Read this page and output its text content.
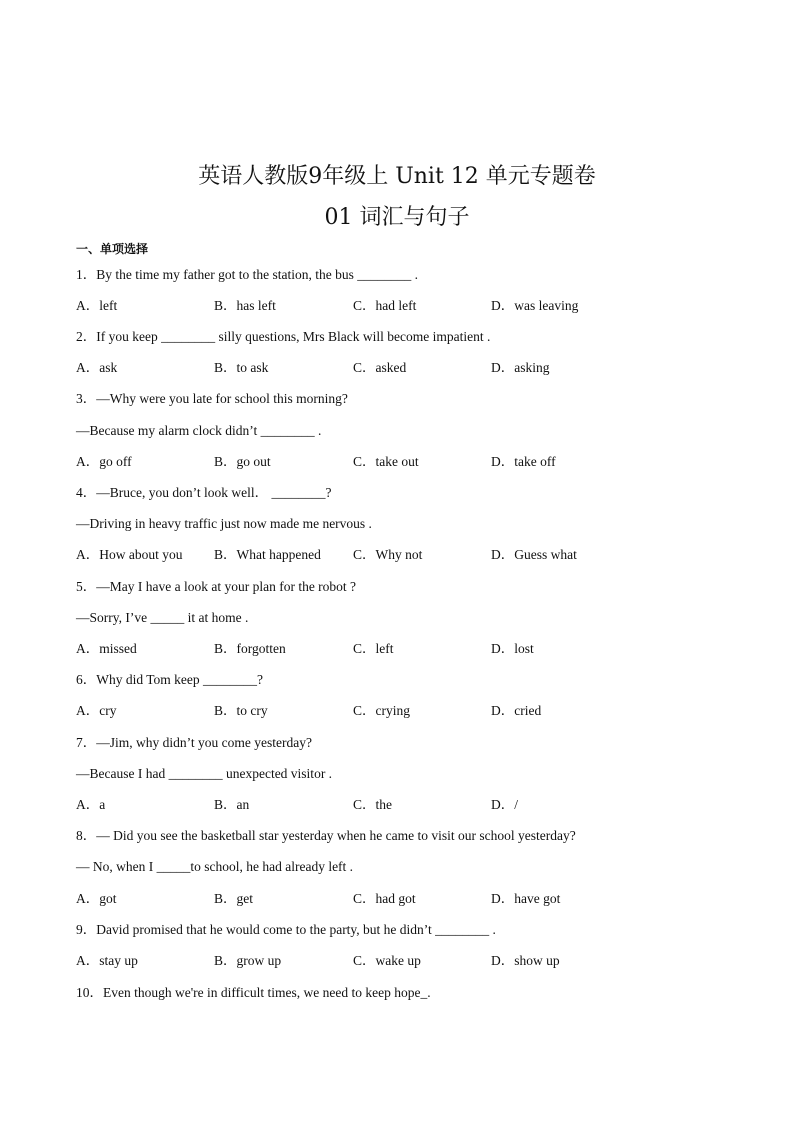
英语人教版9年级上 Unit 12 单元专题卷
01 词汇与句子
一、单项选择
1．By the time my father got to the station, the bus ________ .
A．left	B．has left	C．had left	D．was leaving
2．If you keep ________ silly questions, Mrs Black will become impatient .
A．ask	B．to ask	C．asked	D．asking
3．—Why were you late for school this morning?
—Because my alarm clock didn’t ________ .
A．go off	B．go out	C．take out	D．take off
4．—Bruce, you don’t look well． ________?
—Driving in heavy traffic just now made me nervous .
A．How about you B．What happened C．Why not	D．Guess what
5．—May I have a look at your plan for the robot ?
—Sorry, I’ve _____ it at home .
A．missed	B．forgotten	C．left	D．lost
6．Why did Tom keep ________?
A．cry	B．to cry	C．crying	D．cried
7．—Jim, why didn’t you come yesterday?
—Because I had ________ unexpected visitor .
A．a	B．an	C．the	D．/
8．— Did you see the basketball star yesterday when he came to visit our school yesterday?
— No, when I _____to school, he had already left .
A．got	B．get	C．had got	D．have got
9．David promised that he would come to the party, but he didn’t ________ .
A．stay up	B．grow up	C．wake up	D．show up
10．Even though we're in difficult times, we need to keep hope_.
